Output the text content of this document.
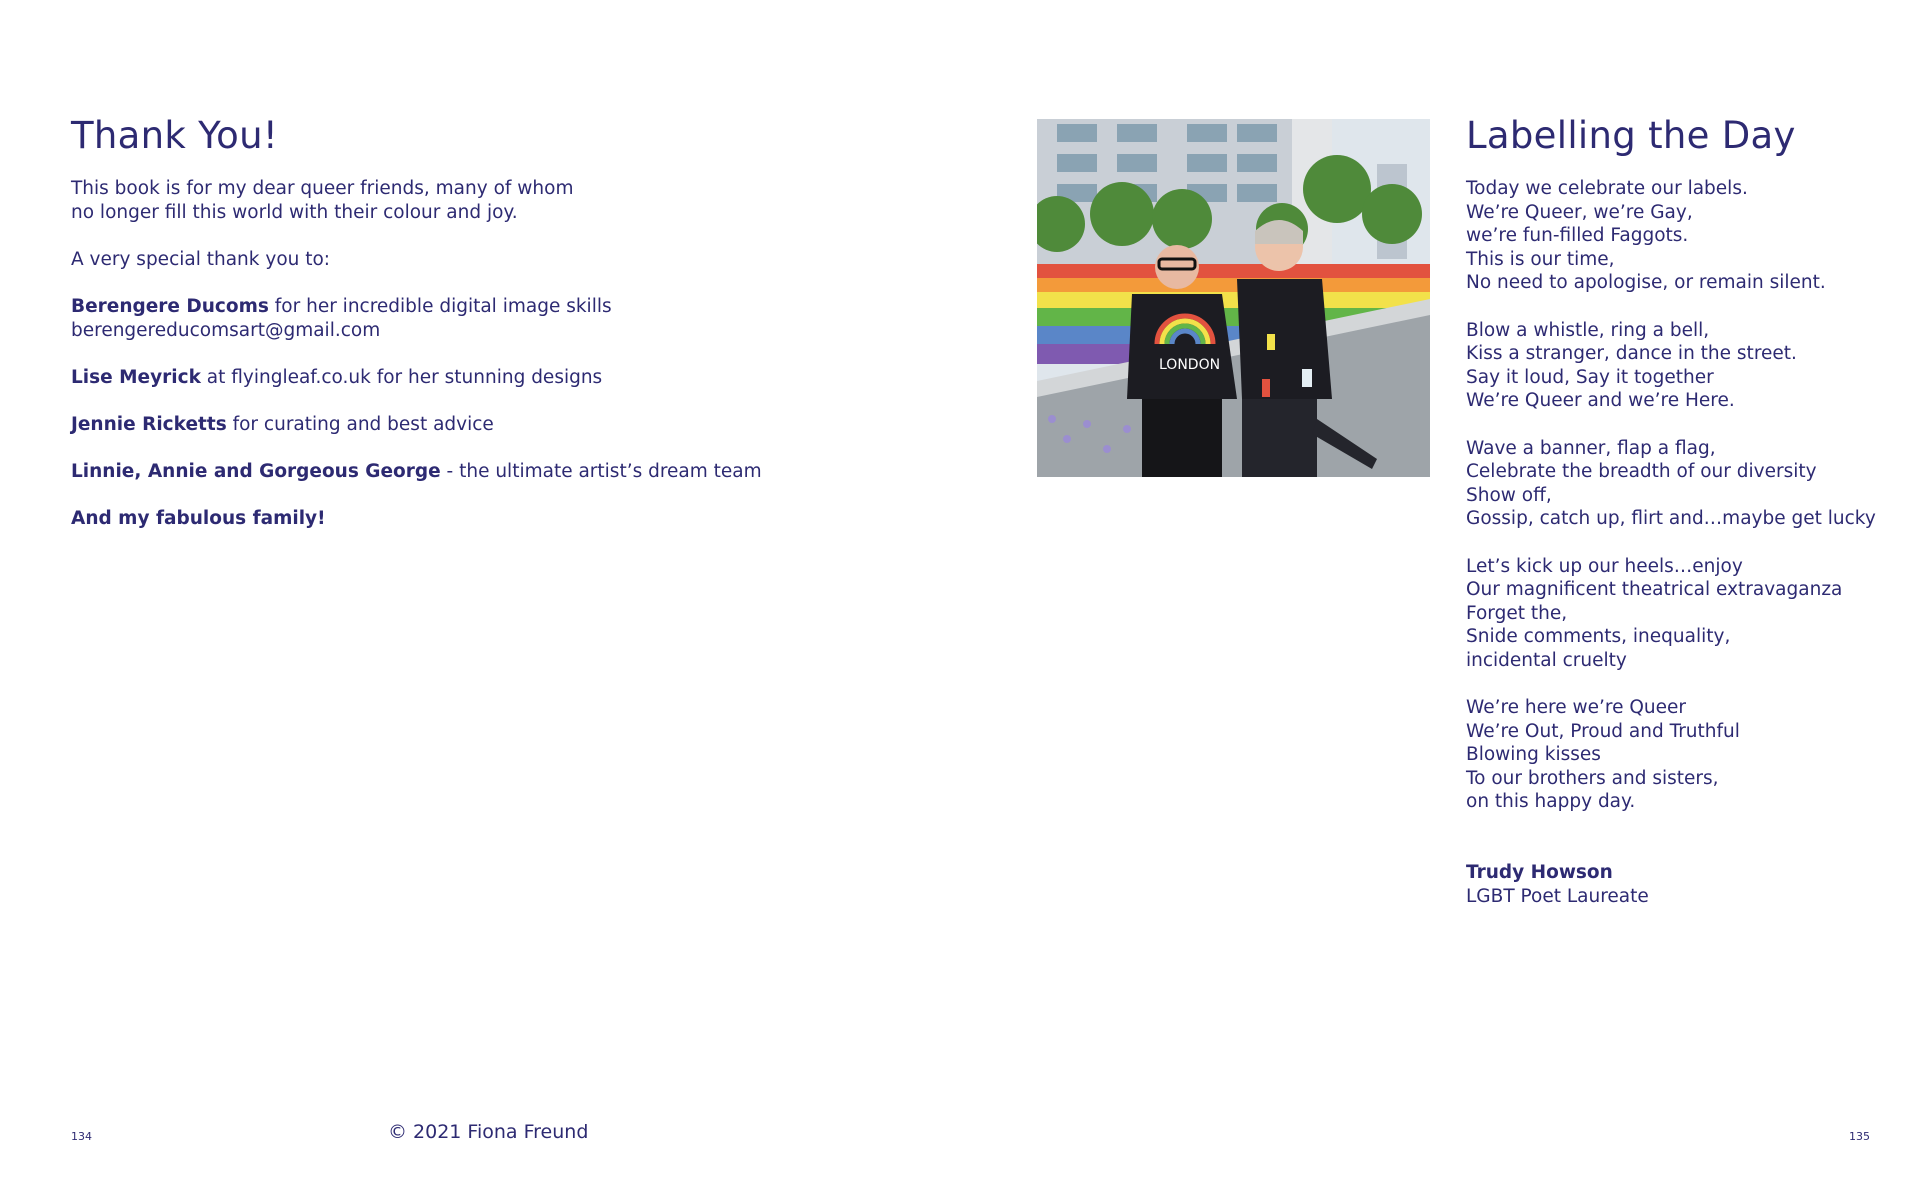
Thank You!

This book is for my dear queer friends, many of whom
no longer fill this world with their colour and joy.

A very special thank you to:

Berengere Ducoms for her incredible digital image skills
berengereducomsart@gmail.com

Lise Meyrick at flyingleaf.co.uk for her stunning designs

Jennie Ricketts for curating and best advice

Linnie, Annie and Gorgeous George - the ultimate artist’s dream team

And my fabulous family!

134	© 2021 Fiona Freund
LONDON
Labelling the Day

Today we celebrate our labels.
We’re Queer, we’re Gay,
we’re fun-filled Faggots.
This is our time,
No need to apologise, or remain silent.

Blow a whistle, ring a bell,
Kiss a stranger, dance in the street.
Say it loud, Say it together
We’re Queer and we’re Here.

Wave a banner, flap a flag,
Celebrate the breadth of our diversity
Show off,
Gossip, catch up, flirt and…maybe get lucky

Let’s kick up our heels…enjoy
Our magnificent theatrical extravaganza
Forget the,
Snide comments, inequality,
incidental cruelty

We’re here we’re Queer
We’re Out, Proud and Truthful
Blowing kisses
To our brothers and sisters,
on this happy day.

Trudy Howson
LGBT Poet Laureate
135
